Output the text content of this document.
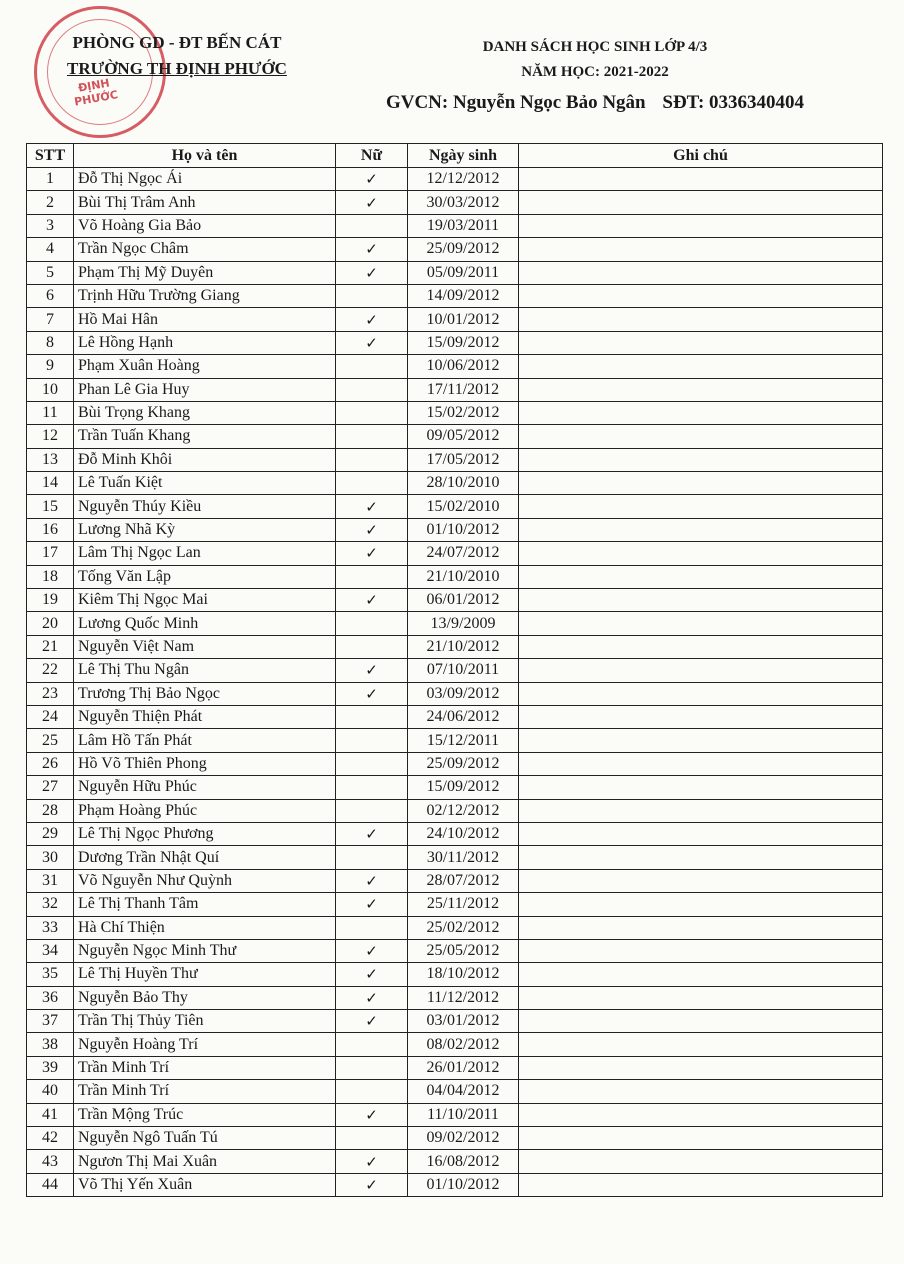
ĐỊNH PHƯỚC
PHÒNG GD - ĐT BẾN CÁT
TRƯỜNG TH ĐỊNH PHƯỚC
DANH SÁCH HỌC SINH LỚP 4/3
NĂM HỌC: 2021-2022
GVCN: Nguyễn Ngọc Bảo Ngân SĐT: 0336340404
STT	Họ và tên	Nữ	Ngày sinh	Ghi chú
1	Đỗ Thị Ngọc Ái	✓	12/12/2012	
2	Bùi Thị Trâm Anh	✓	30/03/2012	
3	Võ Hoàng Gia Bảo		19/03/2011	
4	Trần Ngọc Châm	✓	25/09/2012	
5	Phạm Thị Mỹ Duyên	✓	05/09/2011	
6	Trịnh Hữu Trường Giang		14/09/2012	
7	Hồ Mai Hân	✓	10/01/2012	
8	Lê Hồng Hạnh	✓	15/09/2012	
9	Phạm Xuân Hoàng		10/06/2012	
10	Phan Lê Gia Huy		17/11/2012	
11	Bùi Trọng Khang		15/02/2012	
12	Trần Tuấn Khang		09/05/2012	
13	Đỗ Minh Khôi		17/05/2012	
14	Lê Tuấn Kiệt		28/10/2010	
15	Nguyễn Thúy Kiều	✓	15/02/2010	
16	Lương Nhã Kỳ	✓	01/10/2012	
17	Lâm Thị Ngọc Lan	✓	24/07/2012	
18	Tống Văn Lập		21/10/2010	
19	Kiêm Thị Ngọc Mai	✓	06/01/2012	
20	Lương Quốc Minh		13/9/2009	
21	Nguyễn Việt Nam		21/10/2012	
22	Lê Thị Thu Ngân	✓	07/10/2011	
23	Trương Thị Bảo Ngọc	✓	03/09/2012	
24	Nguyễn Thiện Phát		24/06/2012	
25	Lâm Hồ Tấn Phát		15/12/2011	
26	Hồ Võ Thiên Phong		25/09/2012	
27	Nguyễn Hữu Phúc		15/09/2012	
28	Phạm Hoàng Phúc		02/12/2012	
29	Lê Thị Ngọc Phương	✓	24/10/2012	
30	Dương Trần Nhật Quí		30/11/2012	
31	Võ Nguyễn Như Quỳnh	✓	28/07/2012	
32	Lê Thị Thanh Tâm	✓	25/11/2012	
33	Hà Chí Thiện		25/02/2012	
34	Nguyễn Ngọc Minh Thư	✓	25/05/2012	
35	Lê Thị Huyền Thư	✓	18/10/2012	
36	Nguyễn Bảo Thy	✓	11/12/2012	
37	Trần Thị Thủy Tiên	✓	03/01/2012	
38	Nguyễn Hoàng Trí		08/02/2012	
39	Trần Minh Trí		26/01/2012	
40	Trần Minh Trí		04/04/2012	
41	Trần Mộng Trúc	✓	11/10/2011	
42	Nguyễn Ngô Tuấn Tú		09/02/2012	
43	Ngươn Thị Mai Xuân	✓	16/08/2012	
44	Võ Thị Yến Xuân	✓	01/10/2012	
